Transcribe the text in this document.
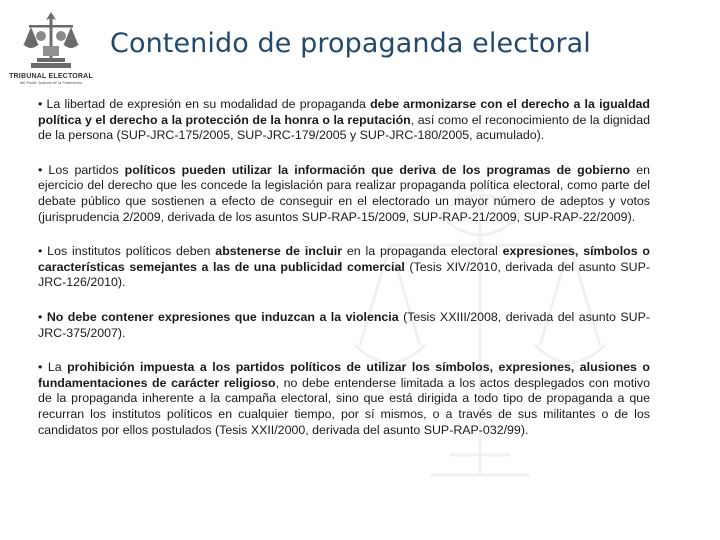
TRIBUNAL ELECTORAL
del Poder Judicial de la Federación
Contenido de propaganda electoral

• La libertad de expresión en su modalidad de propaganda debe armonizarse con el derecho a la igualdad política y el derecho a la protección de la honra o la reputación, así como el reconocimiento de la dignidad de la persona (SUP-JRC-175/2005, SUP-JRC-179/2005 y SUP-JRC-180/2005, acumulado).

• Los partidos políticos pueden utilizar la información que deriva de los programas de gobierno en ejercicio del derecho que les concede la legislación para realizar propaganda política electoral, como parte del debate público que sostienen a efecto de conseguir en el electorado un mayor número de adeptos y votos (jurisprudencia 2/2009, derivada de los asuntos SUP-RAP-15/2009, SUP-RAP-21/2009, SUP-RAP-22/2009).

• Los institutos políticos deben abstenerse de incluir en la propaganda electoral expresiones, símbolos o características semejantes a las de una publicidad comercial (Tesis XIV/2010, derivada del asunto SUP-JRC-126/2010).

• No debe contener expresiones que induzcan a la violencia (Tesis XXIII/2008, derivada del asunto SUP-JRC-375/2007).

• La prohibición impuesta a los partidos políticos de utilizar los símbolos, expresiones, alusiones o fundamentaciones de carácter religioso, no debe entenderse limitada a los actos desplegados con motivo de la propaganda inherente a la campaña electoral, sino que está dirigida a todo tipo de propaganda a que recurran los institutos políticos en cualquier tiempo, por sí mismos, o a través de sus militantes o de los candidatos por ellos postulados (Tesis XXII/2000, derivada del asunto SUP-RAP-032/99).
